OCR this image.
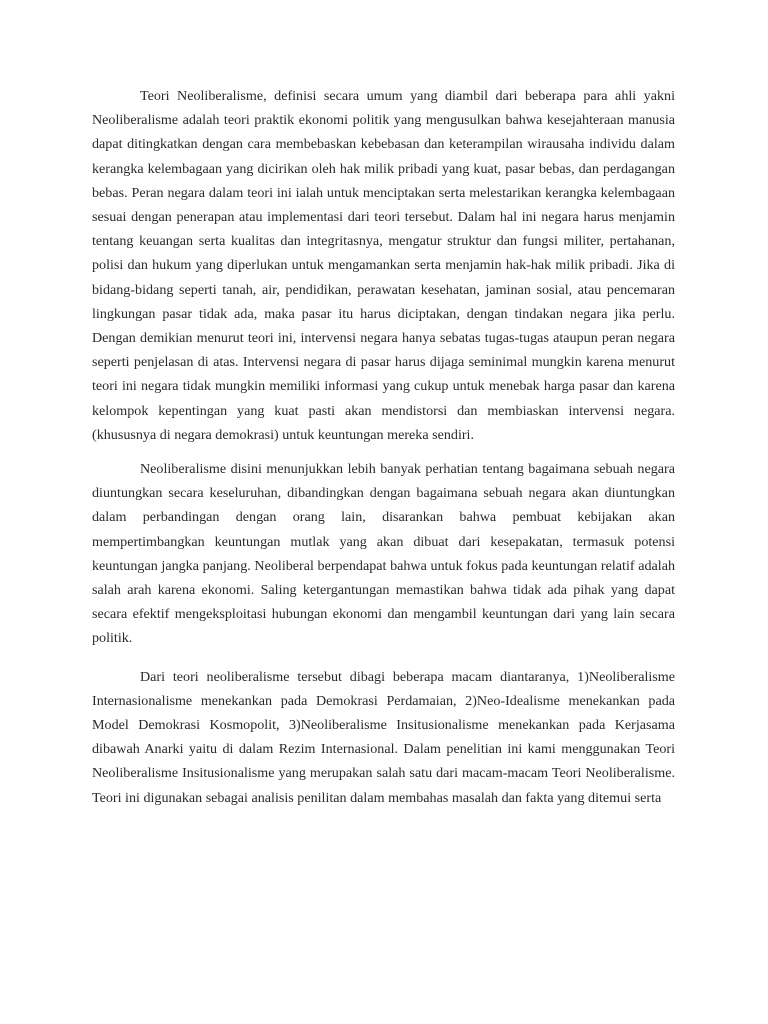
Teori Neoliberalisme, definisi secara umum yang diambil dari beberapa para ahli yakni Neoliberalisme adalah teori praktik ekonomi politik yang mengusulkan bahwa kesejahteraan manusia dapat ditingkatkan dengan cara membebaskan kebebasan dan keterampilan wirausaha individu dalam kerangka kelembagaan yang dicirikan oleh hak milik pribadi yang kuat, pasar bebas, dan perdagangan bebas. Peran negara dalam teori ini ialah untuk menciptakan serta melestarikan kerangka kelembagaan sesuai dengan penerapan atau implementasi dari teori tersebut. Dalam hal ini negara harus menjamin tentang keuangan serta kualitas dan integritasnya, mengatur struktur dan fungsi militer, pertahanan, polisi dan hukum yang diperlukan untuk mengamankan serta menjamin hak-hak milik pribadi. Jika di bidang-bidang seperti tanah, air, pendidikan, perawatan kesehatan, jaminan sosial, atau pencemaran lingkungan pasar tidak ada, maka pasar itu harus diciptakan, dengan tindakan negara jika perlu. Dengan demikian menurut teori ini, intervensi negara hanya sebatas tugas-tugas ataupun peran negara seperti penjelasan di atas. Intervensi negara di pasar harus dijaga seminimal mungkin karena menurut teori ini negara tidak mungkin memiliki informasi yang cukup untuk menebak harga pasar dan karena kelompok kepentingan yang kuat pasti akan mendistorsi dan membiaskan intervensi negara. (khususnya di negara demokrasi) untuk keuntungan mereka sendiri.

Neoliberalisme disini menunjukkan lebih banyak perhatian tentang bagaimana sebuah negara diuntungkan secara keseluruhan, dibandingkan dengan bagaimana sebuah negara akan diuntungkan dalam perbandingan dengan orang lain, disarankan bahwa pembuat kebijakan akan mempertimbangkan keuntungan mutlak yang akan dibuat dari kesepakatan, termasuk potensi keuntungan jangka panjang. Neoliberal berpendapat bahwa untuk fokus pada keuntungan relatif adalah salah arah karena ekonomi. Saling ketergantungan memastikan bahwa tidak ada pihak yang dapat secara efektif mengeksploitasi hubungan ekonomi dan mengambil keuntungan dari yang lain secara politik.

Dari teori neoliberalisme tersebut dibagi beberapa macam diantaranya, 1)Neoliberalisme Internasionalisme menekankan pada Demokrasi Perdamaian, 2)Neo-Idealisme menekankan pada Model Demokrasi Kosmopolit, 3)Neoliberalisme Insitusionalisme menekankan pada Kerjasama dibawah Anarki yaitu di dalam Rezim Internasional. Dalam penelitian ini kami menggunakan Teori Neoliberalisme Insitusionalisme yang merupakan salah satu dari macam-macam Teori Neoliberalisme. Teori ini digunakan sebagai analisis penilitan dalam membahas masalah dan fakta yang ditemui serta
